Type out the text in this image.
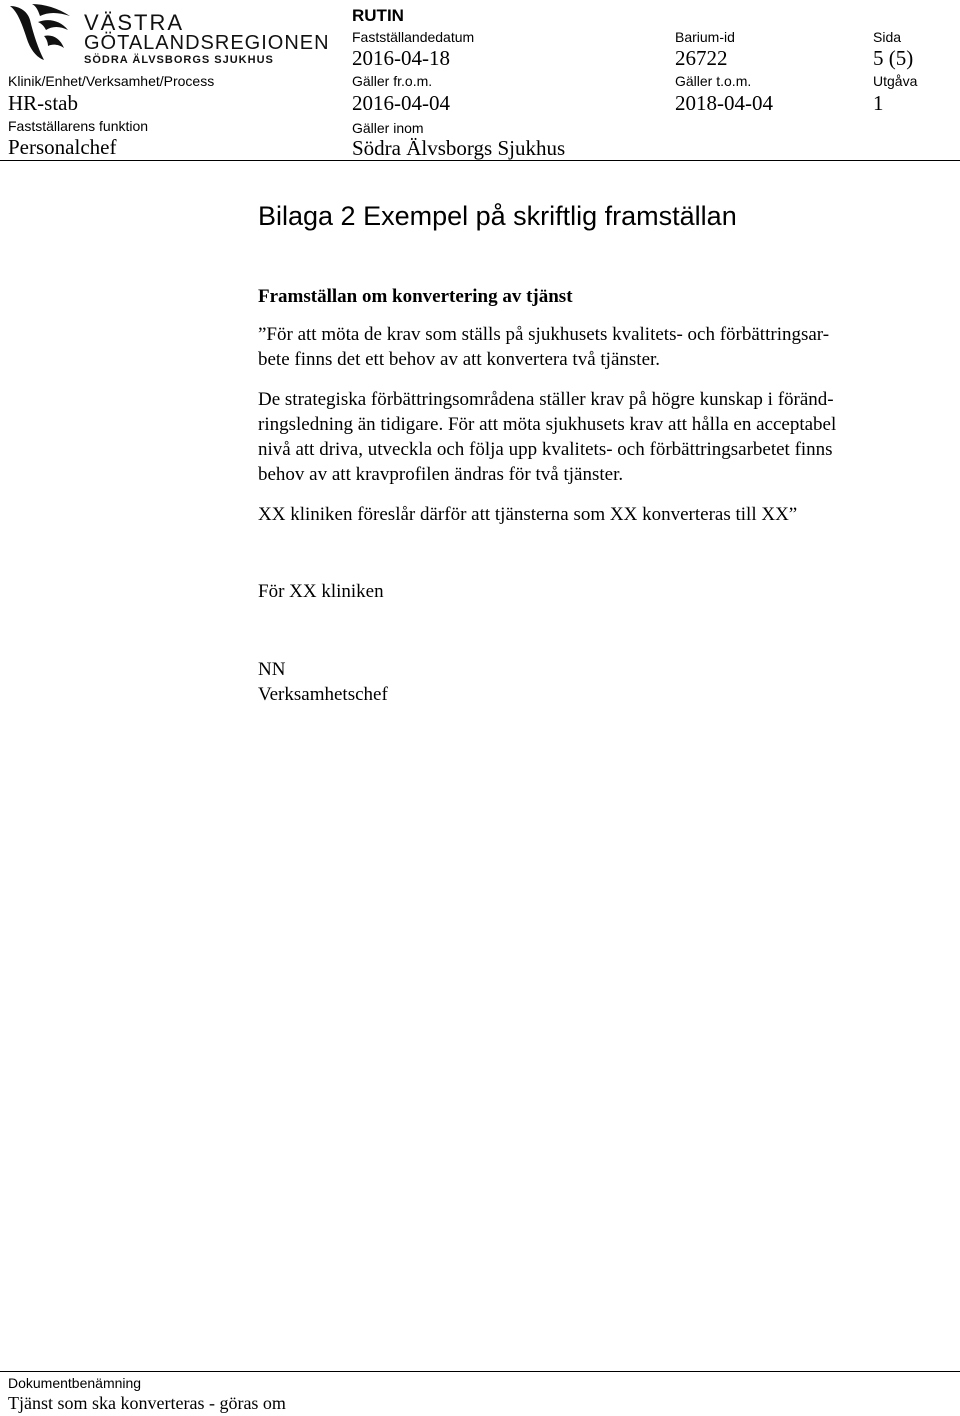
VÄSTRA
GÖTALANDSREGIONEN
SÖDRA ÄLVSBORGS SJUKHUS
RUTIN
Fastställandedatum
2016-04-18
Barium-id
26722
Sida
5 (5)
Klinik/Enhet/Verksamhet/Process
HR-stab
Gäller fr.o.m.
2016-04-04
Gäller t.o.m.
2018-04-04
Utgåva
1
Fastställarens funktion
Personalchef
Gäller inom
Södra Älvsborgs Sjukhus
Bilaga 2 Exempel på skriftlig framställan
Framställan om konvertering av tjänst
”För att möta de krav som ställs på sjukhusets kvalitets- och förbättringsar-
bete finns det ett behov av att konvertera två tjänster.
De strategiska förbättringsområdena ställer krav på högre kunskap i föränd-
ringsledning än tidigare. För att möta sjukhusets krav att hålla en acceptabel
nivå att driva, utveckla och följa upp kvalitets- och förbättringsarbetet finns
behov av att kravprofilen ändras för två tjänster.
XX kliniken föreslår därför att tjänsterna som XX konverteras till XX”
För XX kliniken
NN
Verksamhetschef
Dokumentbenämning
Tjänst som ska konverteras - göras om
